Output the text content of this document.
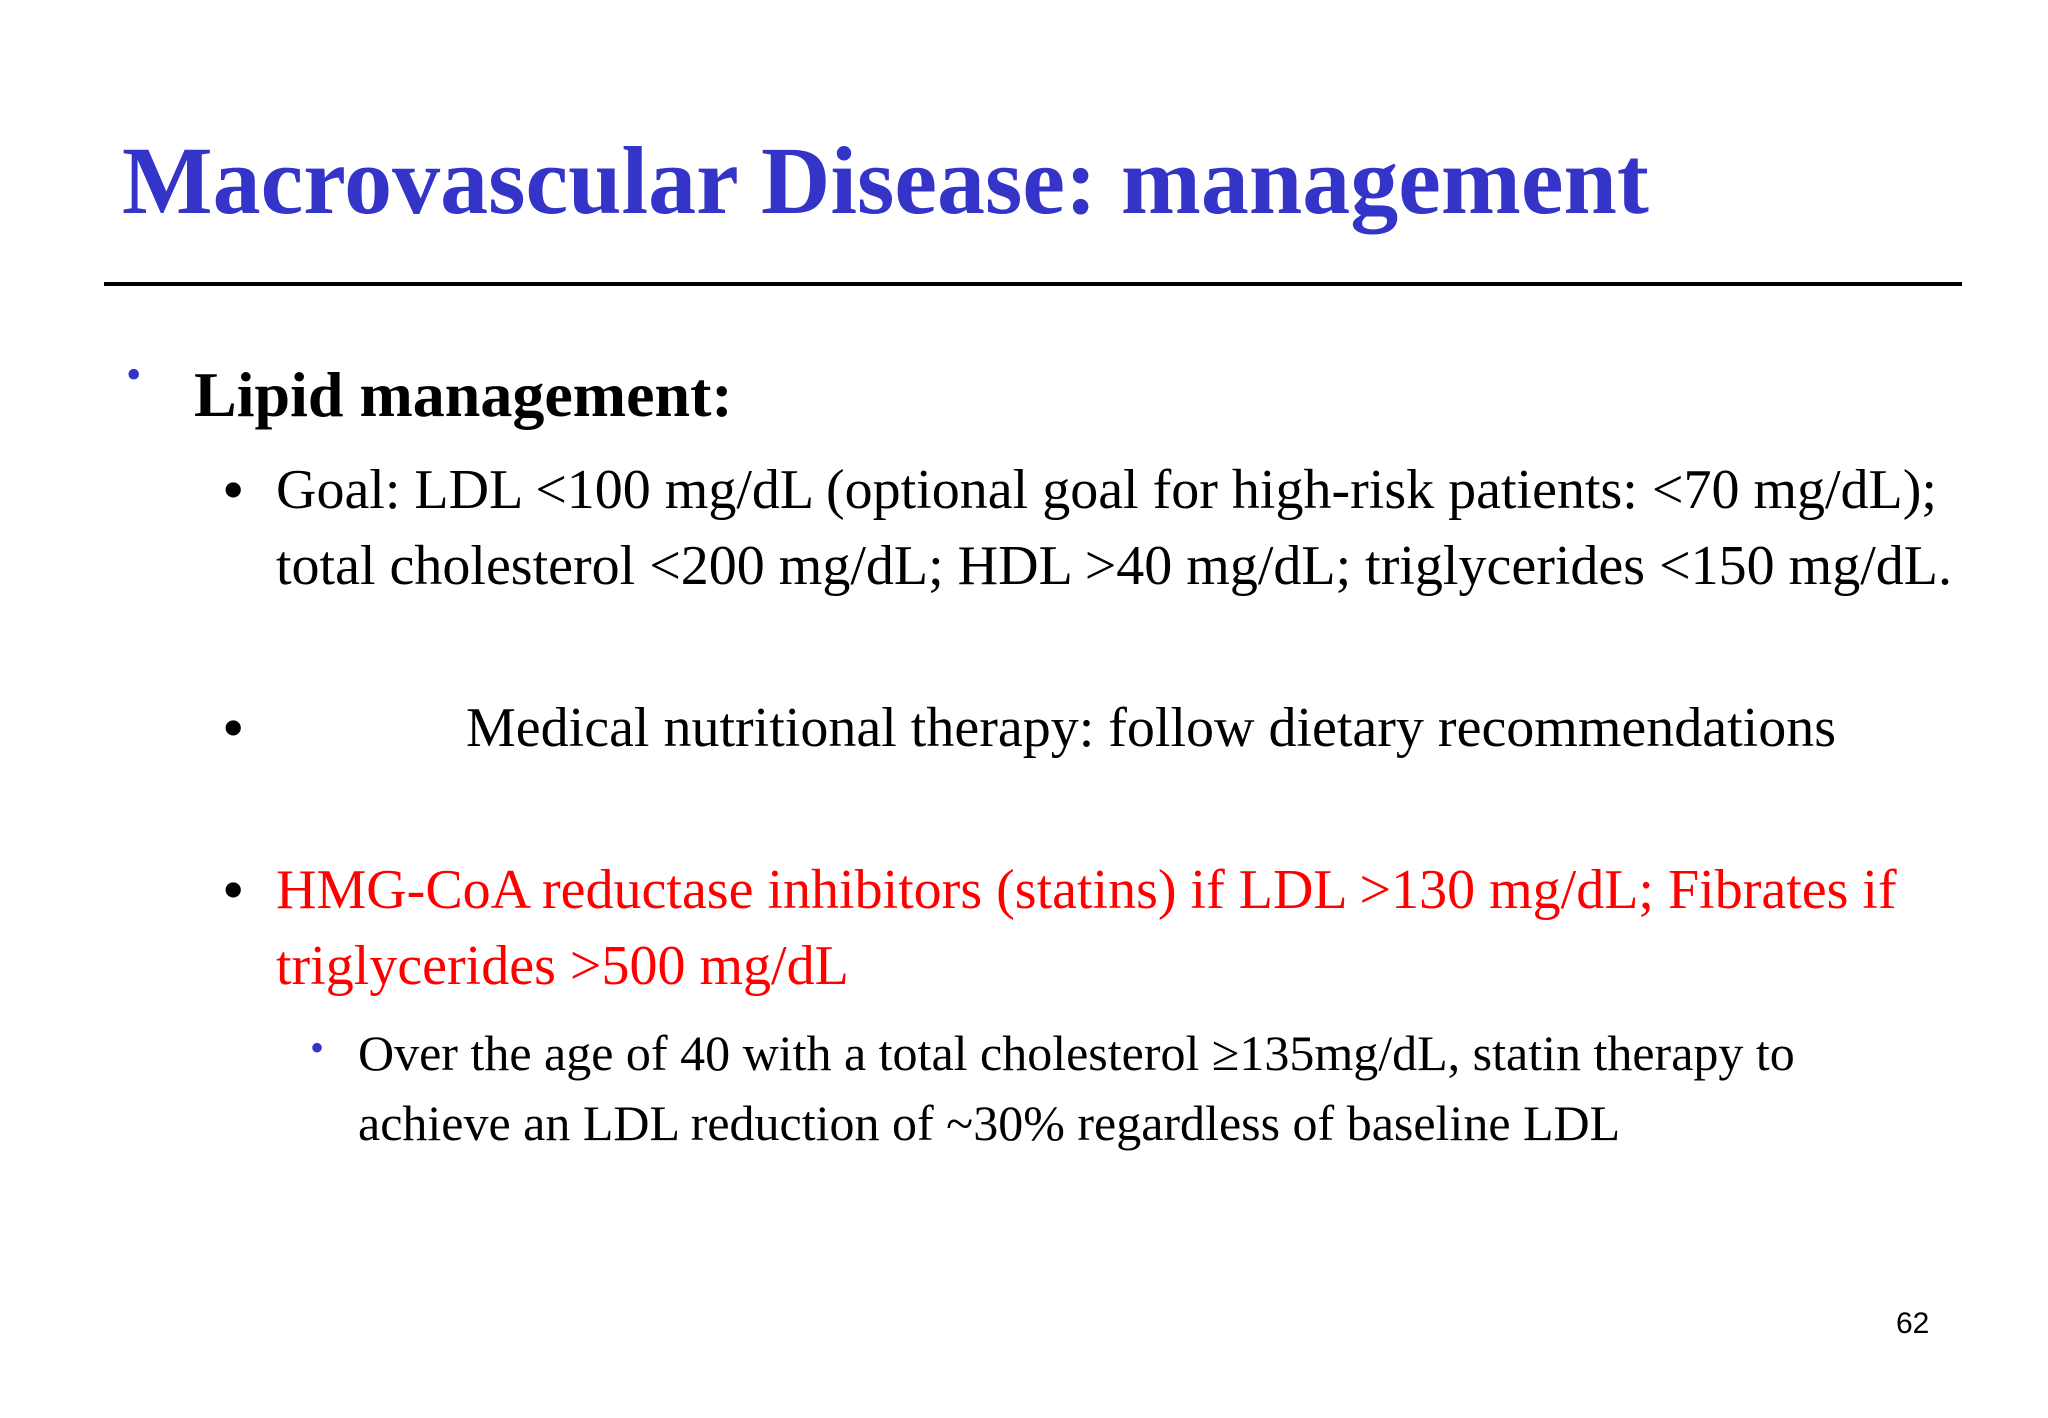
Macrovascular Disease: management
• Lipid management:
• Goal: LDL <100 mg/dL (optional goal for high-risk patients: <70 mg/dL); total cholesterol <200 mg/dL; HDL >40 mg/dL; triglycerides <150 mg/dL.
•	Medical nutritional therapy: follow dietary recommendations
• HMG-CoA reductase inhibitors (statins) if LDL >130 mg/dL; Fibrates if triglycerides >500 mg/dL
• Over the age of 40 with a total cholesterol ≥135mg/dL, statin therapy to achieve an LDL reduction of ~30% regardless of baseline LDL
62
